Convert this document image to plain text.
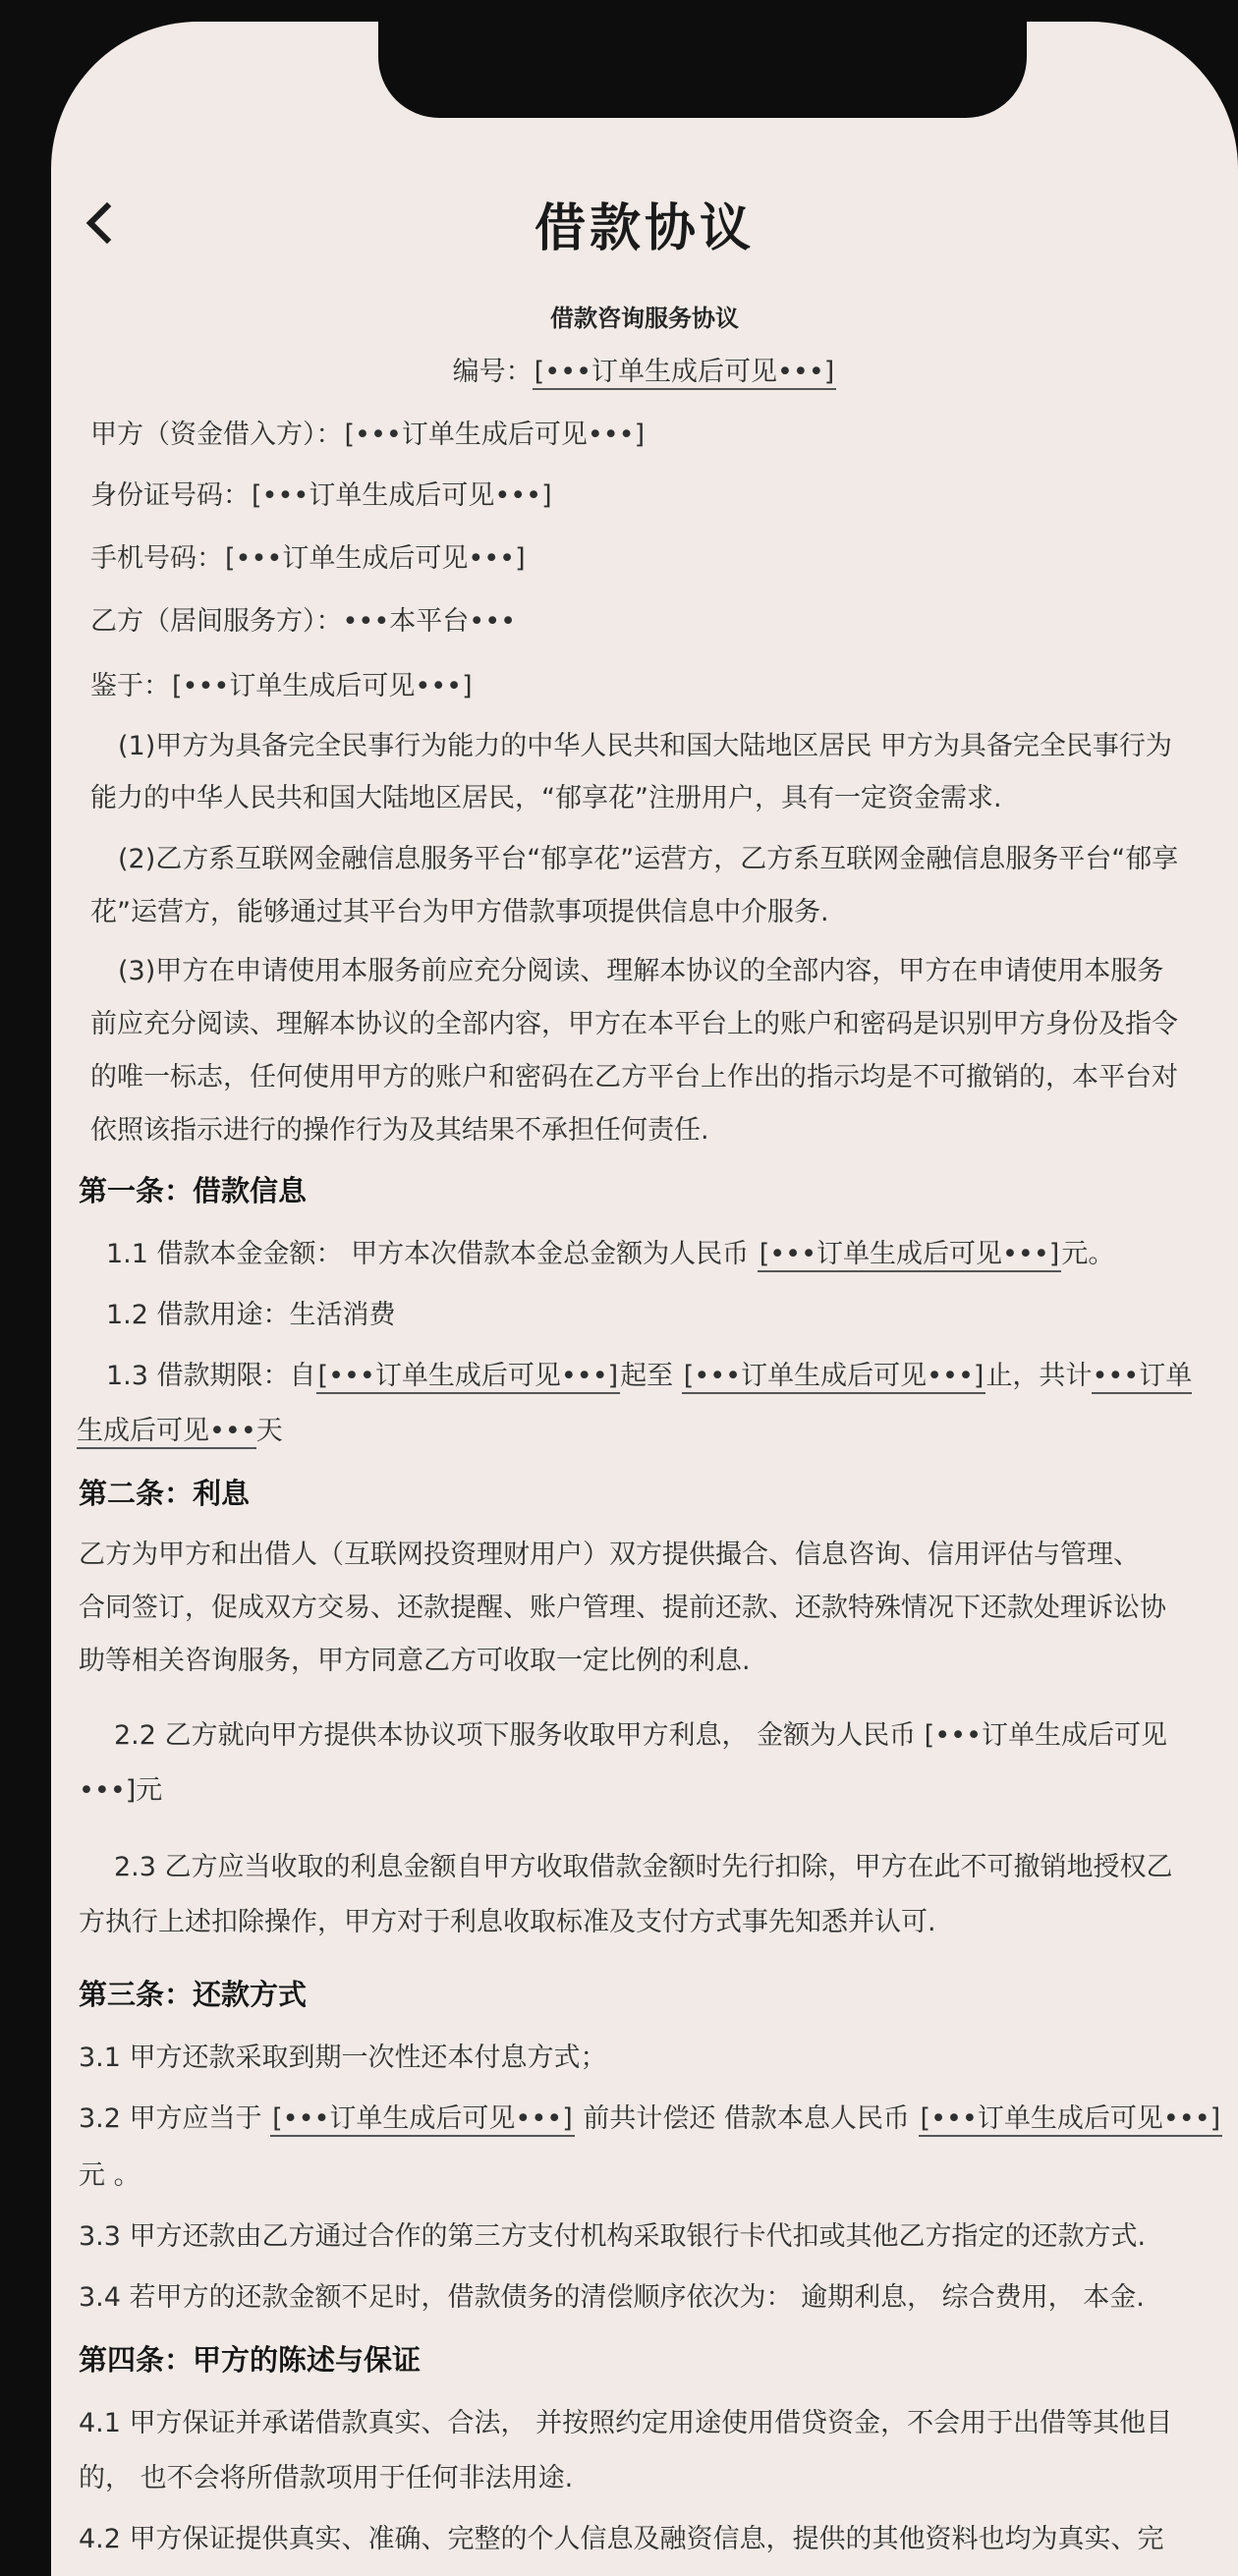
借款协议
借款咨询服务协议
编号： [ •••订单生成后可见••• ]
甲方（资金借入方）： [ •••订单生成后可见••• ]
身份证号码： [ •••订单生成后可见••• ]
手机号码： [ •••订单生成后可见••• ]
乙方（居间服务方）：•••本平台•••
鉴于： [ •••订单生成后可见••• ]
(1)甲方为具备完全民事行为能力的中华人民共和国大陆地区居民 甲方为具备完全民事行为
能力的中华人民共和国大陆地区居民，“郁享花”注册用户，具有一定资金需求.
(2)乙方系互联网金融信息服务平台“郁享花”运营方，乙方系互联网金融信息服务平台“郁享
花”运营方，能够通过其平台为甲方借款事项提供信息中介服务.
(3)甲方在申请使用本服务前应充分阅读、理解本协议的全部内容，甲方在申请使用本服务
前应充分阅读、理解本协议的全部内容，甲方在本平台上的账户和密码是识别甲方身份及指令
的唯一标志，任何使用甲方的账户和密码在乙方平台上作出的指示均是不可撤销的，本平台对
依照该指示进行的操作行为及其结果不承担任何责任.
第一条：借款信息
1.1 借款本金金额： 甲方本次借款本金总金额为人民币 [ •••订单生成后可见••• ] 元。
1.2 借款用途：生活消费
1.3 借款期限：自 [ •••订单生成后可见••• ] 起至 [ •••订单生成后可见••• ] 止，共计•••订单
生成后可见•••天
第二条：利息
乙方为甲方和出借人（互联网投资理财用户）双方提供撮合、信息咨询、信用评估与管理、
合同签订，促成双方交易、还款提醒、账户管理、提前还款、还款特殊情况下还款处理诉讼协
助等相关咨询服务，甲方同意乙方可收取一定比例的利息.
2.2 乙方就向甲方提供本协议项下服务收取甲方利息， 金额为人民币 [•••订单生成后可见
•••]元
2.3 乙方应当收取的利息金额自甲方收取借款金额时先行扣除，甲方在此不可撤销地授权乙
方执行上述扣除操作，甲方对于利息收取标准及支付方式事先知悉并认可.
第三条：还款方式
3.1 甲方还款采取到期一次性还本付息方式；
3.2 甲方应当于 [ •••订单生成后可见••• ] 前共计偿还 借款本息人民币 [ •••订单生成后可见••• ]
元 。
3.3 甲方还款由乙方通过合作的第三方支付机构采取银行卡代扣或其他乙方指定的还款方式.
3.4 若甲方的还款金额不足时，借款债务的清偿顺序依次为： 逾期利息， 综合费用， 本金.
第四条：甲方的陈述与保证
4.1 甲方保证并承诺借款真实、合法， 并按照约定用途使用借贷资金，不会用于出借等其他目
的， 也不会将所借款项用于任何非法用途.
4.2 甲方保证提供真实、准确、完整的个人信息及融资信息，提供的其他资料也均为真实、完
